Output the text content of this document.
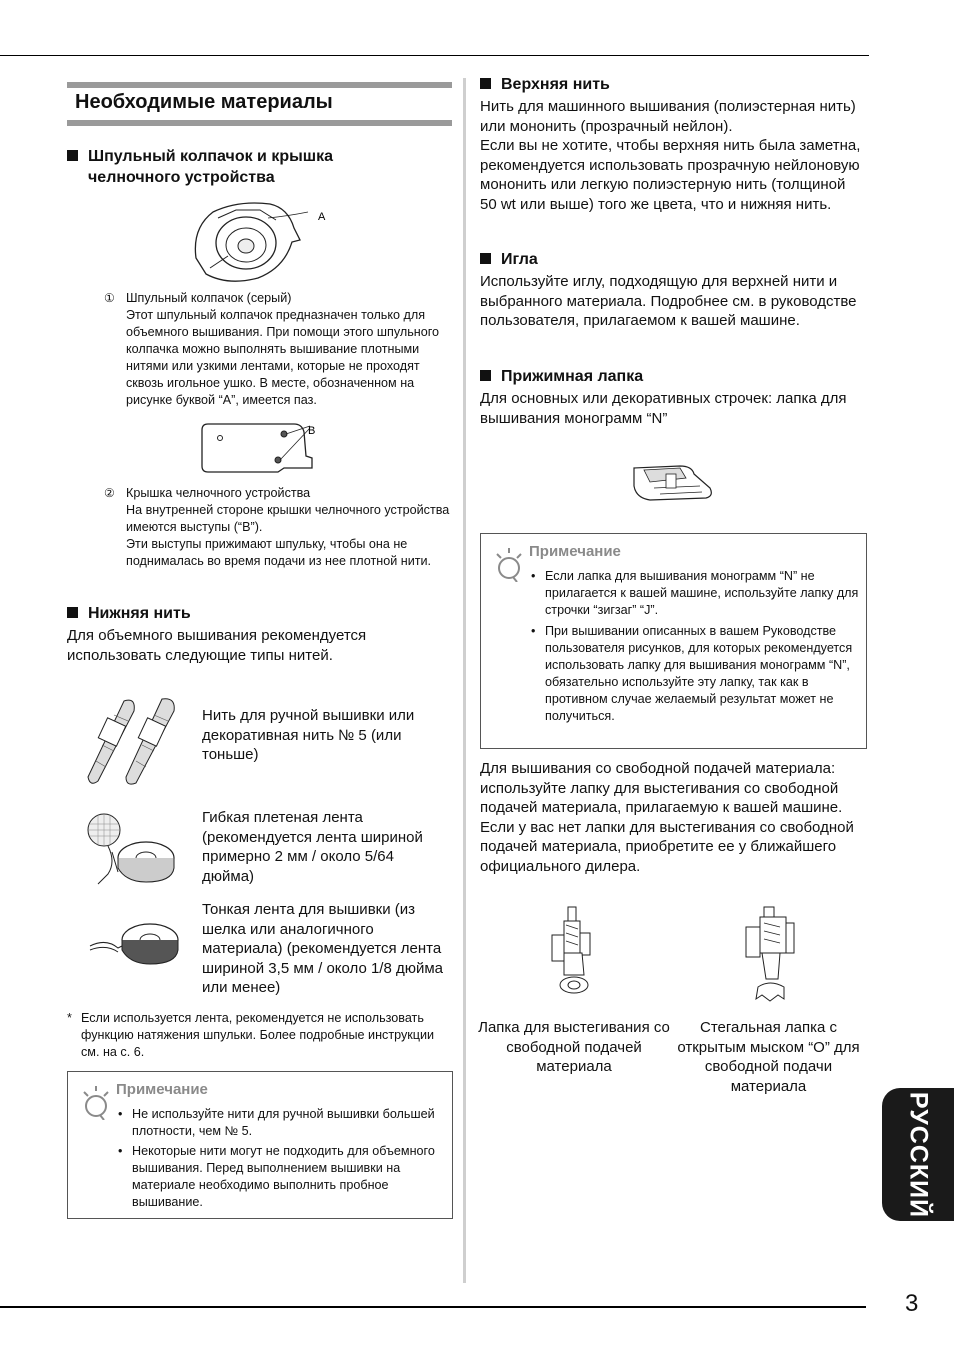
Необходимые материалы
Шпульный колпачок и крышка челночного устройства
A
① Шпульный колпачок (серый)
Этот шпульный колпачок предназначен только для объемного вышивания. При помощи этого шпульного колпачка можно выполнять вышивание плотными нитями или узкими лентами, которые не проходят сквозь игольное ушко. В месте, обозначенном на рисунке буквой “A”, имеется паз.
B
② Крышка челночного устройства
На внутренней стороне крышки челночного устройства имеются выступы (“B”).
Эти выступы прижимают шпульку, чтобы она не поднималась во время подачи из нее плотной нити.
Нижняя нить
Для объемного вышивания рекомендуется использовать следующие типы нитей.
Нить для ручной вышивки или декоративная нить № 5 (или тоньше)
Гибкая плетеная лента (рекомендуется лента шириной примерно 2 мм / около 5/64 дюйма)
Тонкая лента для вышивки (из шелка или аналогичного материала) (рекомендуется лента шириной 3,5 мм / около 1/8 дюйма или менее)
* Если используется лента, рекомендуется не использовать функцию натяжения шпульки. Более подробные инструкции см. на с. 6.
Примечание
• Не используйте нити для ручной вышивки большей плотности, чем № 5.
• Некоторые нити могут не подходить для объемного вышивания. Перед выполнением вышивки на материале необходимо выполнить пробное вышивание.
Верхняя нить
Нить для машинного вышивания (полиэстерная нить) или мононить (прозрачный нейлон).
Если вы не хотите, чтобы верхняя нить была заметна, рекомендуется использовать прозрачную нейлоновую мононить или легкую полиэстерную нить (толщиной 50 wt или выше) того же цвета, что и нижняя нить.
Игла
Используйте иглу, подходящую для верхней нити и выбранного материала. Подробнее см. в руководстве пользователя, прилагаемом к вашей машине.
Прижимная лапка
Для основных или декоративных строчек: лапка для вышивания монограмм “N”
Примечание
• Если лапка для вышивания монограмм “N” не прилагается к вашей машине, используйте лапку для строчки “зигзаг” “J”.
• При вышивании описанных в вашем Руководстве пользователя рисунков, для которых рекомендуется использовать лапку для вышивания монограмм “N”, обязательно используйте эту лапку, так как в противном случае желаемый результат может не получиться.
Для вышивания со свободной подачей материала: используйте лапку для выстегивания со свободной подачей материала, прилагаемую к вашей машине. Если у вас нет лапки для выстегивания со свободной подачей материала, приобретите ее у ближайшего официального дилера.
Лапка для выстегивания со свободной подачей материала
Стегальная лапка с открытым мыском “O” для свободной подачи материала
РУССКИЙ
3
